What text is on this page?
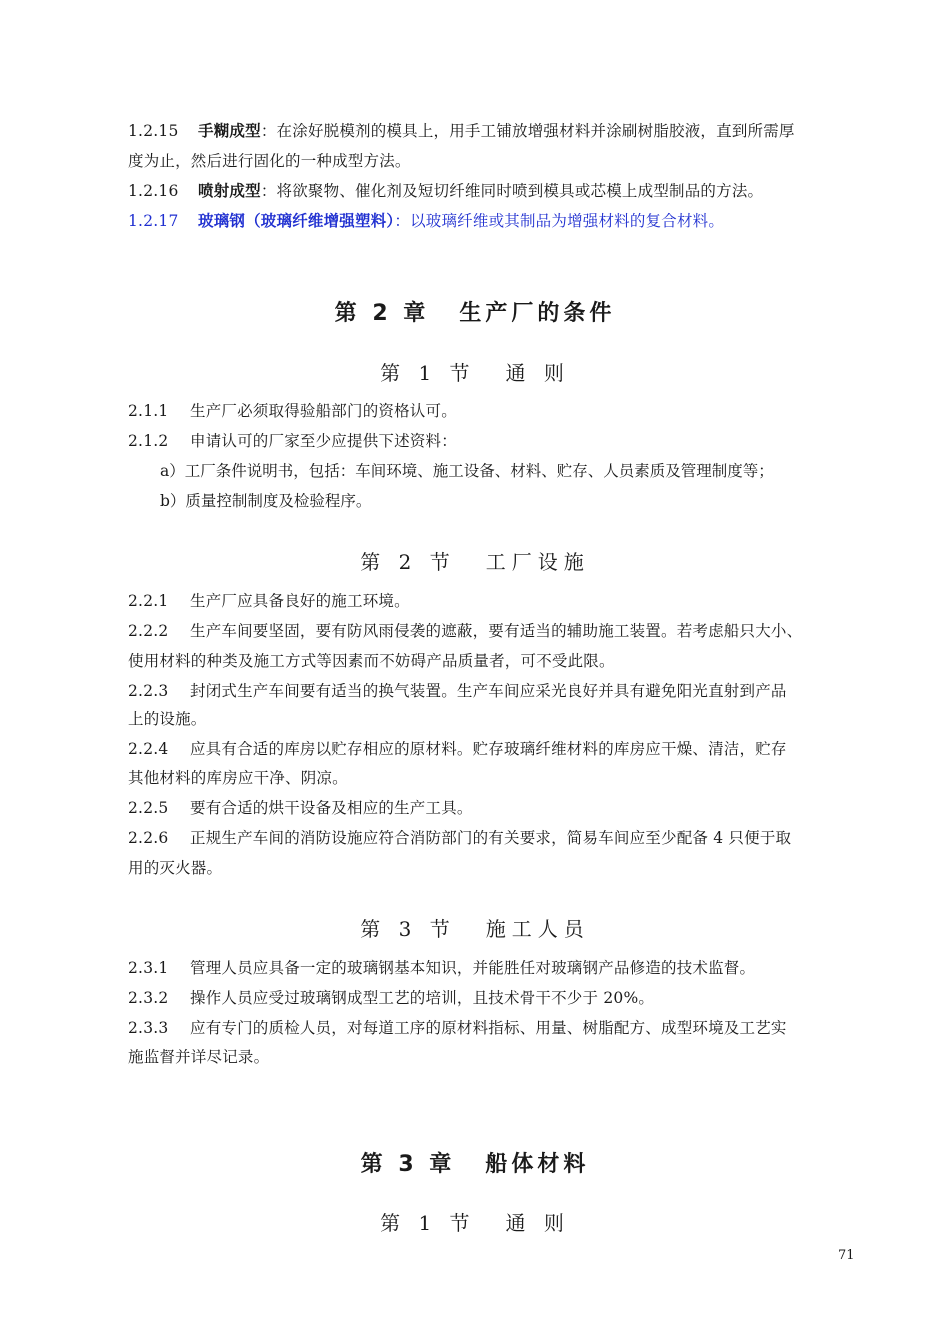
1.2.15 手糊成型：在涂好脱模剂的模具上，用手工铺放增强材料并涂刷树脂胶液，直到所需厚
度为止，然后进行固化的一种成型方法。
1.2.16 喷射成型：将欲聚物、催化剂及短切纤维同时喷到模具或芯模上成型制品的方法。
1.2.17 玻璃钢（玻璃纤维增强塑料）：以玻璃纤维或其制品为增强材料的复合材料。
第 2 章 生产厂的条件
第 1 节 通 则
2.1.1 生产厂必须取得验船部门的资格认可。
2.1.2 申请认可的厂家至少应提供下述资料：
a）工厂条件说明书，包括：车间环境、施工设备、材料、贮存、人员素质及管理制度等；
b）质量控制制度及检验程序。
第 2 节 工厂设施
2.2.1 生产厂应具备良好的施工环境。
2.2.2 生产车间要坚固，要有防风雨侵袭的遮蔽，要有适当的辅助施工装置。若考虑船只大小、
使用材料的种类及施工方式等因素而不妨碍产品质量者，可不受此限。
2.2.3 封闭式生产车间要有适当的换气装置。生产车间应采光良好并具有避免阳光直射到产品
上的设施。
2.2.4 应具有合适的库房以贮存相应的原材料。贮存玻璃纤维材料的库房应干燥、清洁，贮存
其他材料的库房应干净、阴凉。
2.2.5 要有合适的烘干设备及相应的生产工具。
2.2.6 正规生产车间的消防设施应符合消防部门的有关要求，简易车间应至少配备 4 只便于取
用的灭火器。
第 3 节 施工人员
2.3.1 管理人员应具备一定的玻璃钢基本知识，并能胜任对玻璃钢产品修造的技术监督。
2.3.2 操作人员应受过玻璃钢成型工艺的培训，且技术骨干不少于 20%。
2.3.3 应有专门的质检人员，对每道工序的原材料指标、用量、树脂配方、成型环境及工艺实
施监督并详尽记录。
第 3 章 船体材料
第 1 节 通 则
71
